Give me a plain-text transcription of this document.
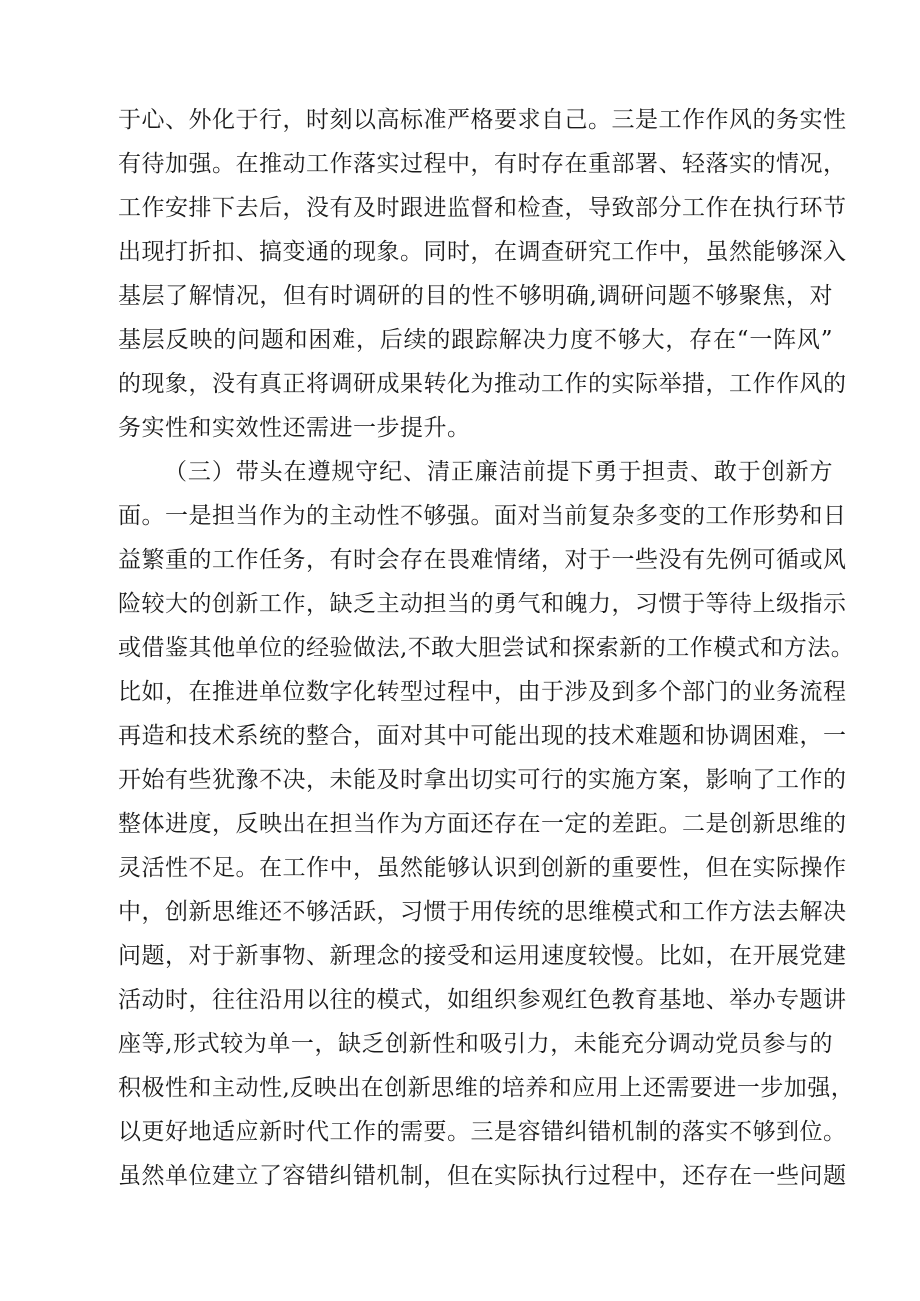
于心、外化于行，时刻以高标准严格要求自己。三是工作作风的务实性
有待加强。在推动工作落实过程中，有时存在重部署、轻落实的情况，
工作安排下去后，没有及时跟进监督和检查，导致部分工作在执行环节
出现打折扣、搞变通的现象。同时，在调查研究工作中，虽然能够深入
基层了解情况，但有时调研的目的性不够明确,调研问题不够聚焦，对
基层反映的问题和困难，后续的跟踪解决力度不够大，存在“一阵风”
的现象，没有真正将调研成果转化为推动工作的实际举措，工作作风的
务实性和实效性还需进一步提升。
（三）带头在遵规守纪、清正廉洁前提下勇于担责、敢于创新方
面。一是担当作为的主动性不够强。面对当前复杂多变的工作形势和日
益繁重的工作任务，有时会存在畏难情绪，对于一些没有先例可循或风
险较大的创新工作，缺乏主动担当的勇气和魄力，习惯于等待上级指示
或借鉴其他单位的经验做法,不敢大胆尝试和探索新的工作模式和方法。
比如，在推进单位数字化转型过程中，由于涉及到多个部门的业务流程
再造和技术系统的整合，面对其中可能出现的技术难题和协调困难，一
开始有些犹豫不决，未能及时拿出切实可行的实施方案，影响了工作的
整体进度，反映出在担当作为方面还存在一定的差距。二是创新思维的
灵活性不足。在工作中，虽然能够认识到创新的重要性，但在实际操作
中，创新思维还不够活跃，习惯于用传统的思维模式和工作方法去解决
问题，对于新事物、新理念的接受和运用速度较慢。比如，在开展党建
活动时，往往沿用以往的模式，如组织参观红色教育基地、举办专题讲
座等,形式较为单一，缺乏创新性和吸引力，未能充分调动党员参与的
积极性和主动性,反映出在创新思维的培养和应用上还需要进一步加强，
以更好地适应新时代工作的需要。三是容错纠错机制的落实不够到位。
虽然单位建立了容错纠错机制，但在实际执行过程中，还存在一些问题
